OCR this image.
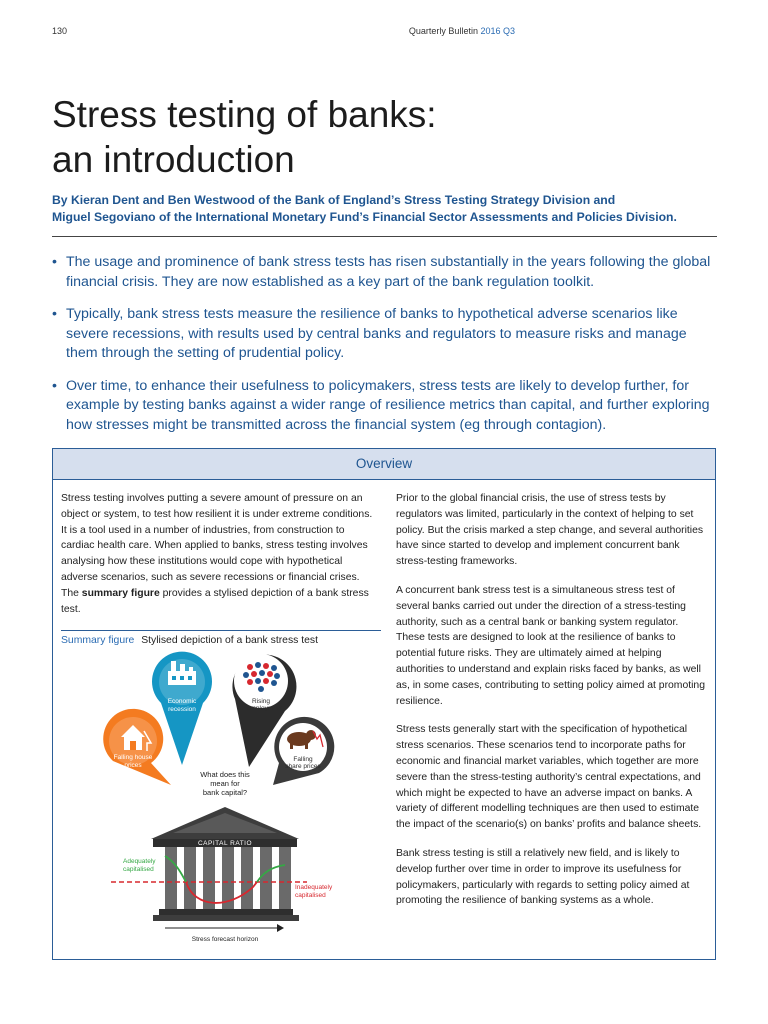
130	Quarterly Bulletin 2016 Q3
Stress testing of banks:
an introduction

By Kieran Dent and Ben Westwood of the Bank of England’s Stress Testing Strategy Division and
Miguel Segoviano of the International Monetary Fund’s Financial Sector Assessments and Policies Division.

• The usage and prominence of bank stress tests has risen substantially in the years following the global financial crisis. They are now established as a key part of the bank regulation toolkit.
• Typically, bank stress tests measure the resilience of banks to hypothetical adverse scenarios like severe recessions, with results used by central banks and regulators to measure risks and manage them through the setting of prudential policy.
• Over time, to enhance their usefulness to policymakers, stress tests are likely to develop further, for example by testing banks against a wider range of resilience metrics than capital, and further exploring how stresses might be transmitted across the financial system (eg through contagion).
Overview

Stress testing involves putting a severe amount of pressure on an object or system, to test how resilient it is under extreme conditions. It is a tool used in a number of industries, from construction to cardiac health care. When applied to banks, stress testing involves analysing how these institutions would cope with hypothetical adverse scenarios, such as severe recessions or financial crises. The summary figure provides a stylised depiction of a bank stress test.

Summary figure Stylised depiction of a bank stress test
Economic
recession
Rising
unemployment
Falling house
prices
Falling
share prices
What does this
mean for
bank capital?
CAPITAL RATIO
Adequately
capitalised
Inadequately
capitalised
Stress forecast horizon

Prior to the global financial crisis, the use of stress tests by regulators was limited, particularly in the context of helping to set policy. But the crisis marked a step change, and several authorities have since started to develop and implement concurrent bank stress-testing frameworks.

A concurrent bank stress test is a simultaneous stress test of several banks carried out under the direction of a stress-testing authority, such as a central bank or banking system regulator. These tests are designed to look at the resilience of banks to potential future risks. They are ultimately aimed at helping authorities to understand and explain risks faced by banks, as well as, in some cases, contributing to setting policy aimed at promoting resilience.

Stress tests generally start with the specification of hypothetical stress scenarios. These scenarios tend to incorporate paths for economic and financial market variables, which together are more severe than the stress-testing authority’s central expectations, and which might be expected to have an adverse impact on banks. A variety of different modelling techniques are then used to estimate the impact of the scenario(s) on banks’ profits and balance sheets.

Bank stress testing is still a relatively new field, and is likely to develop further over time in order to improve its usefulness for policymakers, particularly with regards to setting policy aimed at promoting the resilience of banking systems as a whole.
